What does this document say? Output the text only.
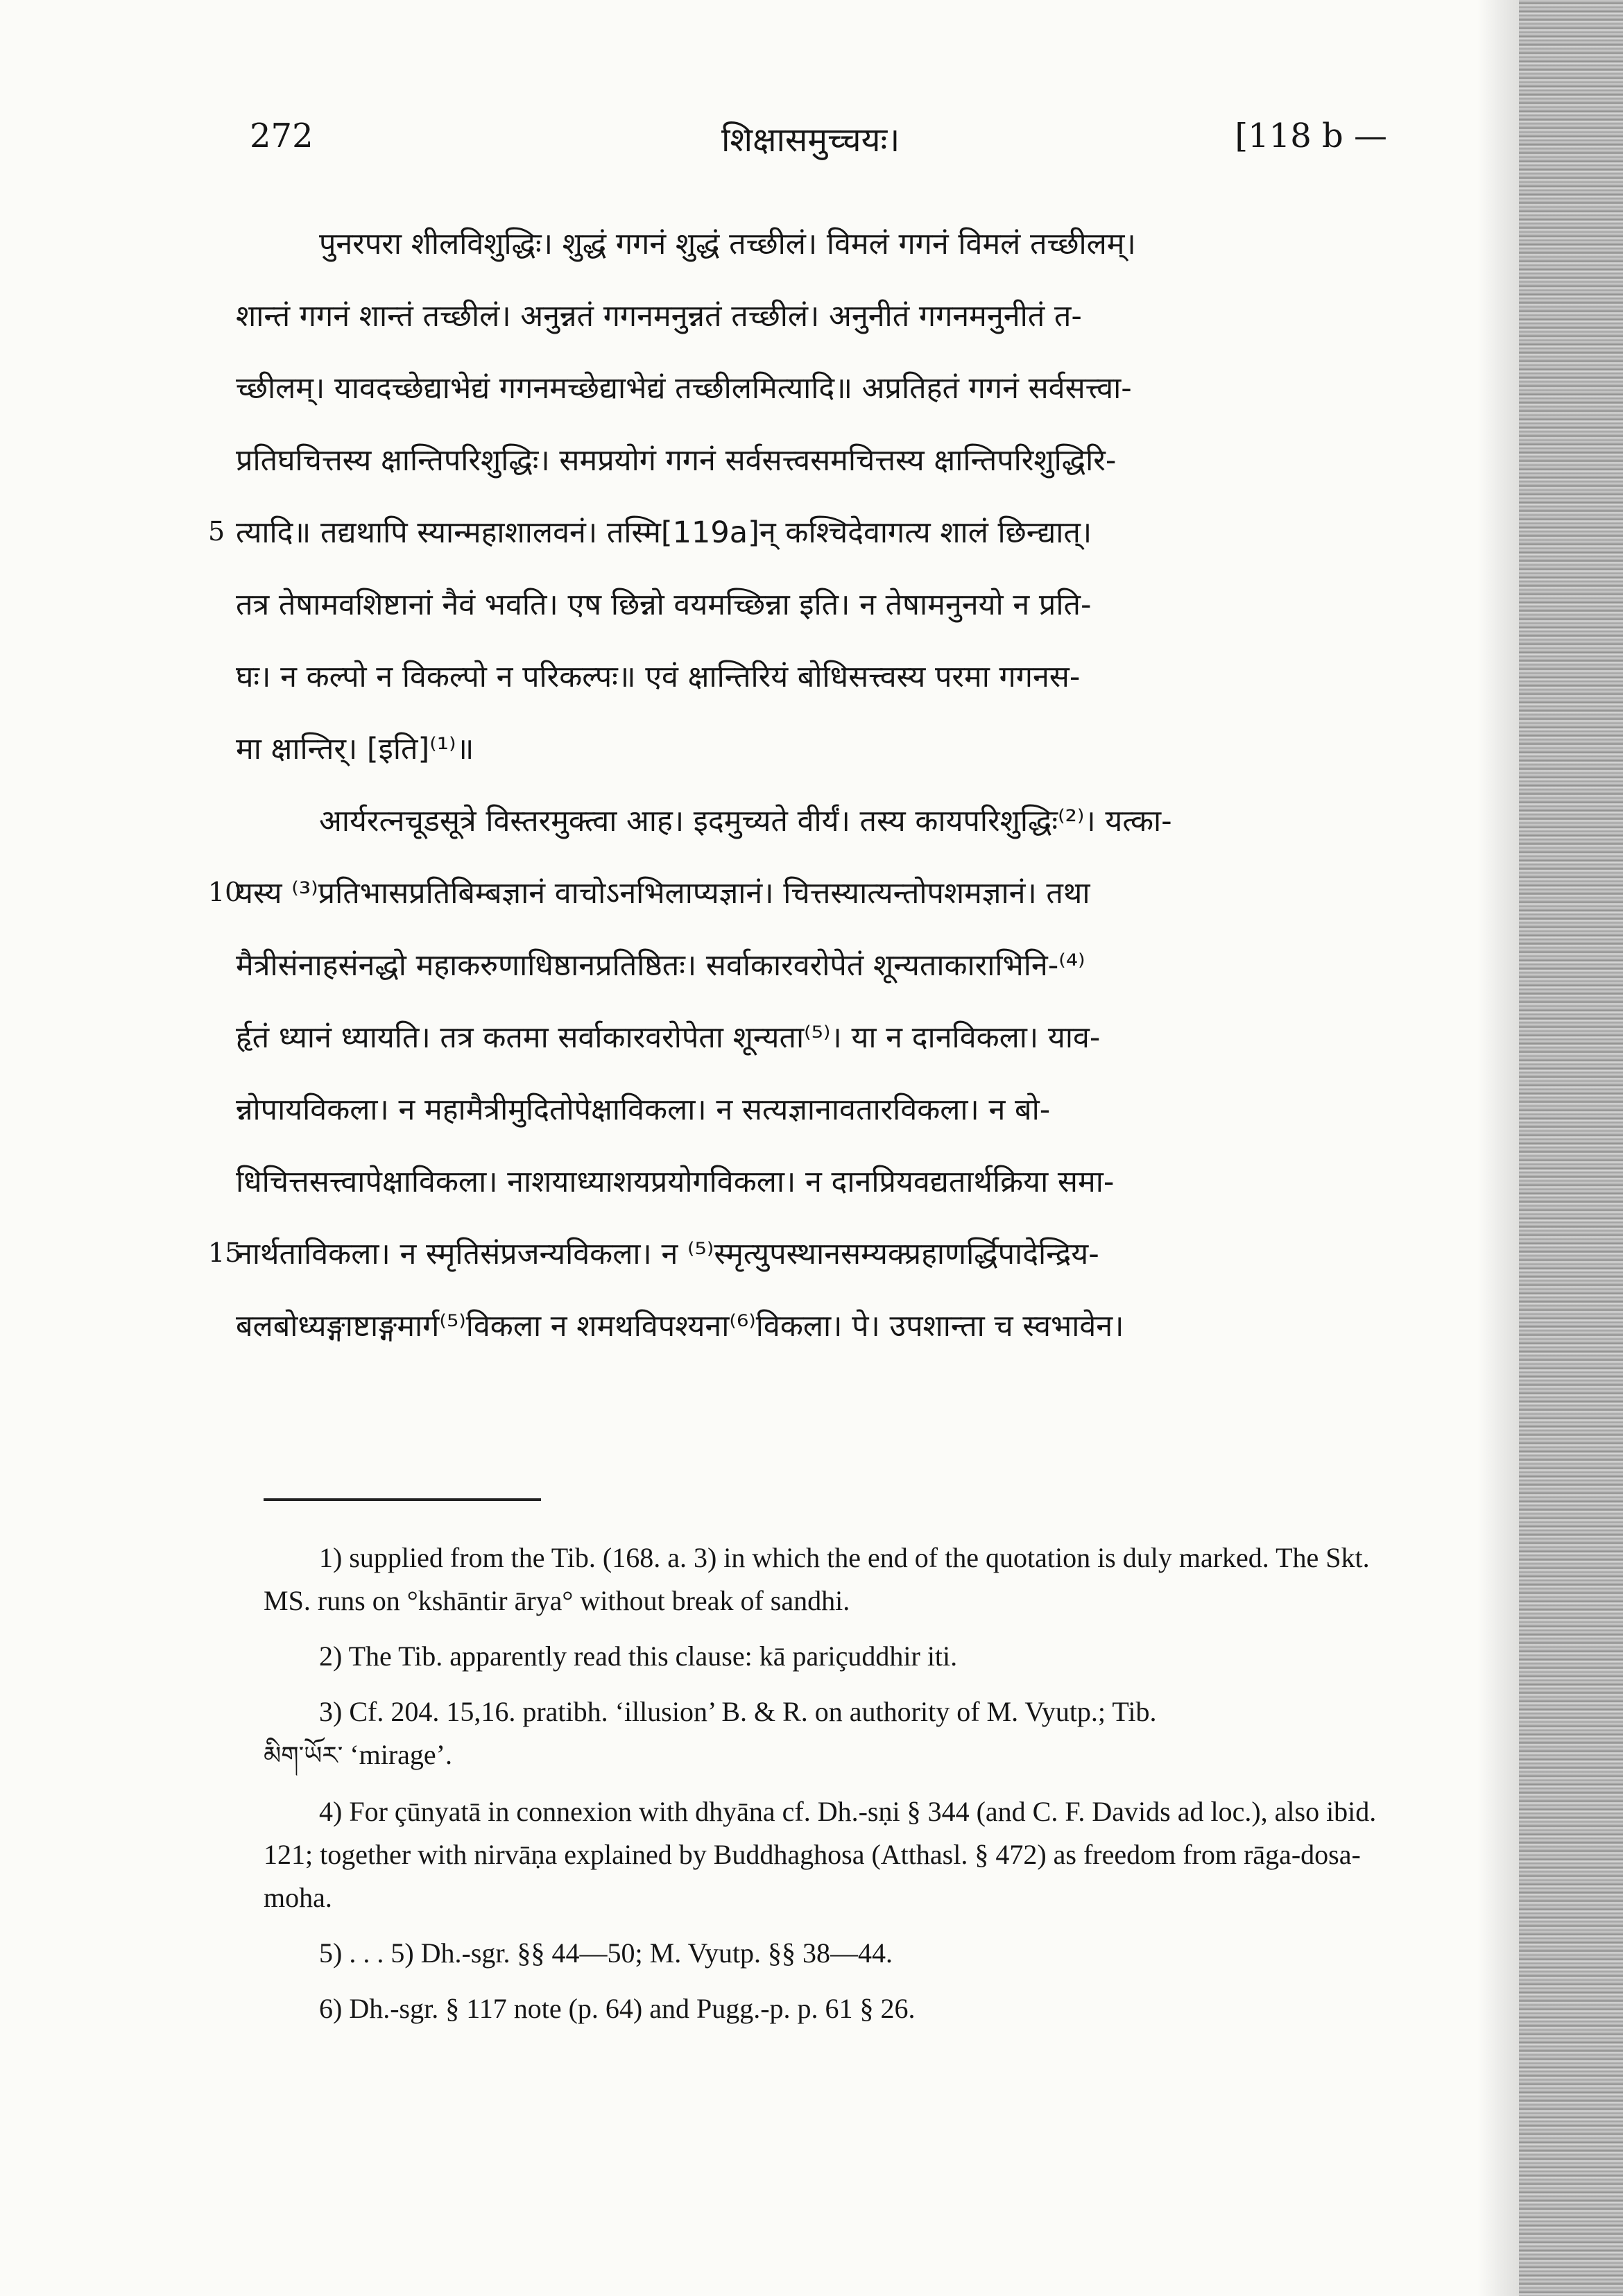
272	शिक्षासमुच्चयः।	[118 b —
5
10
15
पुनरपरा शीलविशुद्धिः। शुद्धं गगनं शुद्धं तच्छीलं। विमलं गगनं विमलं तच्छीलम्।
शान्तं गगनं शान्तं तच्छीलं। अनुन्नतं गगनमनुन्नतं तच्छीलं। अनुनीतं गगनमनुनीतं त-
च्छीलम्। यावदच्छेद्याभेद्यं गगनमच्छेद्याभेद्यं तच्छीलमित्यादि॥ अप्रतिहतं गगनं सर्वसत्त्वा-
प्रतिघचित्तस्य क्षान्तिपरिशुद्धिः। समप्रयोगं गगनं सर्वसत्त्वसमचित्तस्य क्षान्तिपरिशुद्धिरि-
त्यादि॥ तद्यथापि स्यान्महाशालवनं। तस्मि[119a]न् कश्चिदेवागत्य शालं छिन्द्यात्।
तत्र तेषामवशिष्टानां नैवं भवति। एष छिन्नो वयमच्छिन्ना इति। न तेषामनुनयो न प्रति-
घः। न कल्पो न विकल्पो न परिकल्पः॥ एवं क्षान्तिरियं बोधिसत्त्वस्य परमा गगनस-
मा क्षान्तिर्। [इति]⁽¹⁾॥
आर्यरत्नचूडसूत्रे विस्तरमुक्त्वा आह। इदमुच्यते वीर्यं। तस्य कायपरिशुद्धिः⁽²⁾। यत्का-
यस्य ⁽³⁾प्रतिभासप्रतिबिम्बज्ञानं वाचोऽनभिलाप्यज्ञानं। चित्तस्यात्यन्तोपशमज्ञानं। तथा
मैत्रीसंनाहसंनद्धो महाकरुणाधिष्ठानप्रतिष्ठितः। सर्वाकारवरोपेतं शून्यताकाराभिनि-⁽⁴⁾
र्हृतं ध्यानं ध्यायति। तत्र कतमा सर्वाकारवरोपेता शून्यता⁽⁵⁾। या न दानविकला। याव-
न्नोपायविकला। न महामैत्रीमुदितोपेक्षाविकला। न सत्यज्ञानावतारविकला। न बो-
धिचित्तसत्त्वापेक्षाविकला। नाशयाध्याशयप्रयोगविकला। न दानप्रियवद्यतार्थक्रिया समा-
नार्थताविकला। न स्मृतिसंप्रजन्यविकला। न ⁽⁵⁾स्मृत्युपस्थानसम्यक्प्रहाणर्द्धिपादेन्द्रिय-
बलबोध्यङ्गाष्टाङ्गमार्ग⁽⁵⁾विकला न शमथविपश्यना⁽⁶⁾विकला। पे। उपशान्ता च स्वभावेन।
1) supplied from the Tib. (168. a. 3) in which the end of the quotation is duly marked. The Skt. MS. runs on °kshāntir ārya° without break of sandhi.
2) The Tib. apparently read this clause: kā pariçuddhir iti.
3) Cf. 204. 15,16. pratibh. ‘illusion’ B. & R. on authority of M. Vyutp.; Tib.
མིག་ཡོར་ ‘mirage’.
4) For çūnyatā in connexion with dhyāna cf. Dh.-sṇi § 344 (and C. F. Davids ad loc.), also ibid. 121; together with nirvāṇa explained by Buddhaghosa (Atthasl. § 472) as freedom from rāga-dosa-moha.
5) . . . 5) Dh.-sgr. §§ 44—50; M. Vyutp. §§ 38—44.
6) Dh.-sgr. § 117 note (p. 64) and Pugg.-p. p. 61 § 26.
